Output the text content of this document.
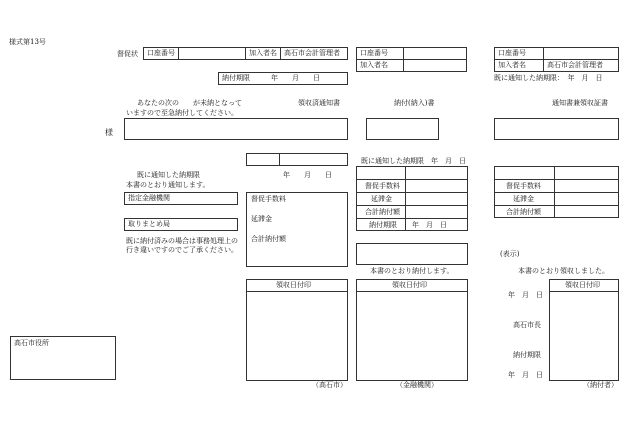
様式第13号
督促状	口座番号	加入者名	高石市会計管理者
納付期限　　　年　　月　　日
あなたの次の　　が未納となって
いますので至急納付してください。
様
既に通知した納期限	年　　月　　日
本書のとおり通知します。
指定金融機関
取りまとめ局
既に納付済みの場合は事務処理上の行き違いですのでご了承ください。
督促手数料
延滞金
合計納付額
領収日付印
（高石市）
高石市役所
口座番号
加入者名
領収済通知書	納付(納入)書
既に通知した納期限　年　月　日
督促手数料
延滞金
合計納付額
納付期限 年　月　日
本書のとおり納付します。
領収日付印
（金融機関）
口座番号
加入者名	高石市会計管理者
既に通知した納期限：　年　月　日
通知書兼領収証書
督促手数料
延滞金
合計納付額
(表示)
本書のとおり領収しました。
年　月　日
高石市長
納付期限
年　月　日
領収日付印
（納付者）
